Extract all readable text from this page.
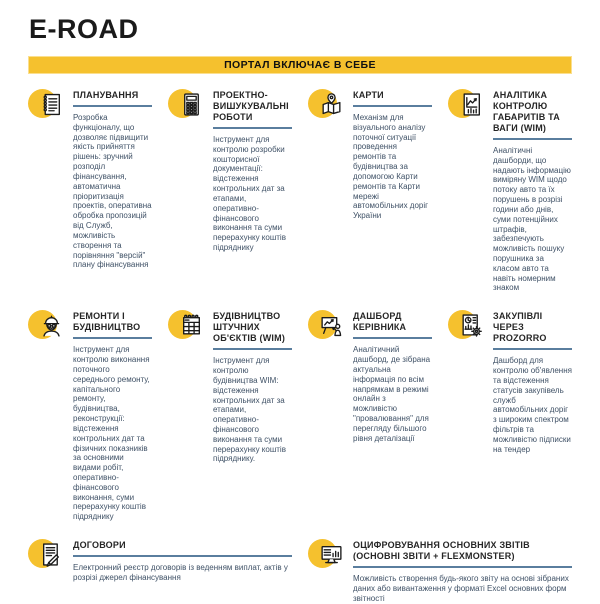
E-ROAD
ПОРТАЛ ВКЛЮЧАЄ В СЕБЕ
ПЛАНУВАННЯ

Розробка функціоналу, що дозволяє підвищити якість прийняття рішень: зручний розподіл фінансування, автоматична пріоритизація проектів, оперативна обробка пропозицій від Служб, можливість створення та порівняння "версій" плану фінансування

ПРОЕКТНО-ВИШУКУВАЛЬНІ РОБОТИ

Інструмент для контролю розробки кошторисної документації: відстеження контрольних дат за етапами, оперативно-фінансового виконання та суми перерахунку коштів підряднику

КАРТИ

Механізм для візуального аналізу поточної ситуації проведення ремонтів та будівництва за допомогою Карти ремонтів та Карти мережі автомобільних доріг України

АНАЛІТИКА КОНТРОЛЮ ГАБАРИТІВ ТА ВАГИ (WIM)

Аналітичні дашборди, що надають інформацію виміряну WIM щодо потоку авто та їх порушень в розрізі години або днів, суми потенційних штрафів, забезпечують можливість пошуку порушника за класом авто та навіть номерним знаком

РЕМОНТИ І БУДІВНИЦТВО

Інструмент для контролю виконання поточного середнього ремонту, капітального ремонту, будівництва, реконструкції: відстеження контрольних дат та фізичних показників за основними видами робіт, оперативно-фінансового виконання, суми перерахунку коштів підряднику

БУДІВНИЦТВО ШТУЧНИХ ОБ'ЄКТІВ (WIM)

Інструмент для контролю будівництва WIM: відстеження контрольних дат за етапами, оперативно-фінансового виконання та суми перерахунку коштів підряднику.

ДАШБОРД КЕРІВНИКА

Аналітичний дашборд, де зібрана актуальна інформація по всім напрямкам в режимі онлайн з можливістю "провалювання" для перегляду більшого рівня деталізації

ЗАКУПІВЛІ ЧЕРЕЗ PROZORRO

Дашборд для контролю об'явлення та відстеження статусів закупівель служб автомобільних доріг з широким спектром фільтрів та можливістю підписки на тендер

ДОГОВОРИ

Електронний реєстр договорів із веденням виплат, актів у розрізі джерел фінансування

ОЦИФРОВУВАННЯ ОСНОВНИХ ЗВІТІВ (ОСНОВНІ ЗВІТИ + FLEXMONSTER)

Можливість створення будь-якого звіту на основі зібраних даних або вивантаження у форматі Excel основних форм звітності
